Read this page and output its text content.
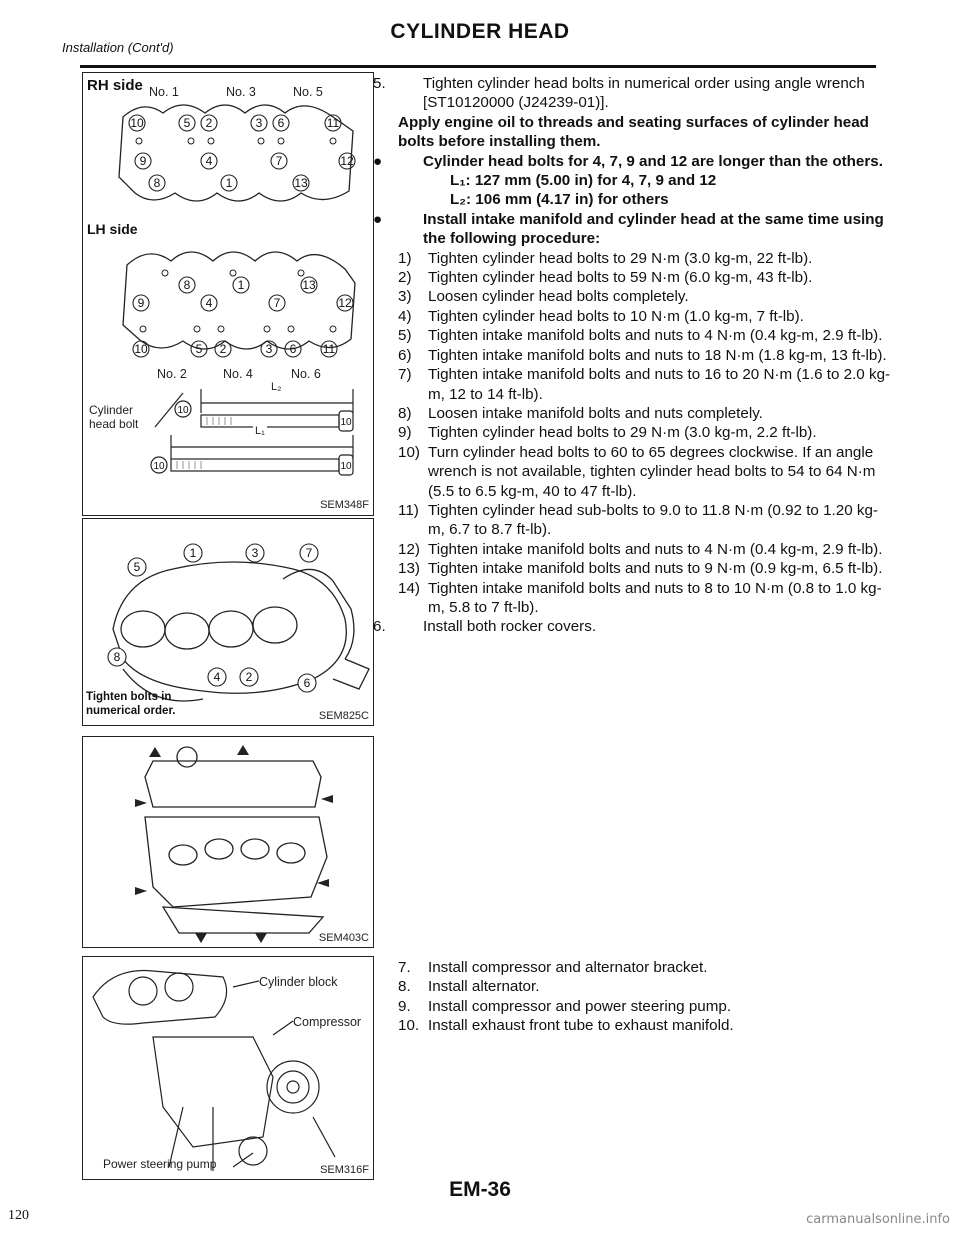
CYLINDER HEAD
Installation (Cont'd)
RH side No. 1	No. 3	No. 5
10	5 2	3 6	11
9	4	7	12
8	1	13
8	1	13
9	4	7	12
10	5 2	3 6 11
10
10
10	10
LH side
No. 2	No. 4	No. 6
Cylinder
head bolt
L₂
L₁
SEM348F
5
1	3	7
8
4 2	6
Tighten bolts in
numerical order.	SEM825C
SEM403C
Cylinder block
Compressor
Power steering pump	SEM316F

5. Tighten cylinder head bolts in numerical order using angle wrench [ST10120000 (J24239-01)].

Apply engine oil to threads and seating surfaces of cylinder head bolts before installing them.

●	Cylinder head bolts for 4, 7, 9 and 12 are longer than the others.

L₁: 127 mm (5.00 in) for 4, 7, 9 and 12

L₂: 106 mm (4.17 in) for others

●	Install intake manifold and cylinder head at the same time using the following procedure:

1) Tighten cylinder head bolts to 29 N·m (3.0 kg-m, 22 ft-lb).

2) Tighten cylinder head bolts to 59 N·m (6.0 kg-m, 43 ft-lb).

3) Loosen cylinder head bolts completely.

4) Tighten cylinder head bolts to 10 N·m (1.0 kg-m, 7 ft-lb).

5) Tighten intake manifold bolts and nuts to 4 N·m (0.4 kg-m, 2.9 ft-lb).

6) Tighten intake manifold bolts and nuts to 18 N·m (1.8 kg-m, 13 ft-lb).

7) Tighten intake manifold bolts and nuts to 16 to 20 N·m (1.6 to 2.0 kg-m, 12 to 14 ft-lb).

8) Loosen intake manifold bolts and nuts completely.

9) Tighten cylinder head bolts to 29 N·m (3.0 kg-m, 2.2 ft-lb).

10) Turn cylinder head bolts to 60 to 65 degrees clockwise. If an angle wrench is not available, tighten cylinder head bolts to 54 to 64 N·m (5.5 to 6.5 kg-m, 40 to 47 ft-lb).

11) Tighten cylinder head sub-bolts to 9.0 to 11.8 N·m (0.92 to 1.20 kg-m, 6.7 to 8.7 ft-lb).

12) Tighten intake manifold bolts and nuts to 4 N·m (0.4 kg-m, 2.9 ft-lb).

13) Tighten intake manifold bolts and nuts to 9 N·m (0.9 kg-m, 6.5 ft-lb).

14) Tighten intake manifold bolts and nuts to 8 to 10 N·m (0.8 to 1.0 kg-m, 5.8 to 7 ft-lb).

6. Install both rocker covers.

7. Install compressor and alternator bracket.

8. Install alternator.

9. Install compressor and power steering pump.

10. Install exhaust front tube to exhaust manifold.

EM-36
120	carmanualsonline.info
